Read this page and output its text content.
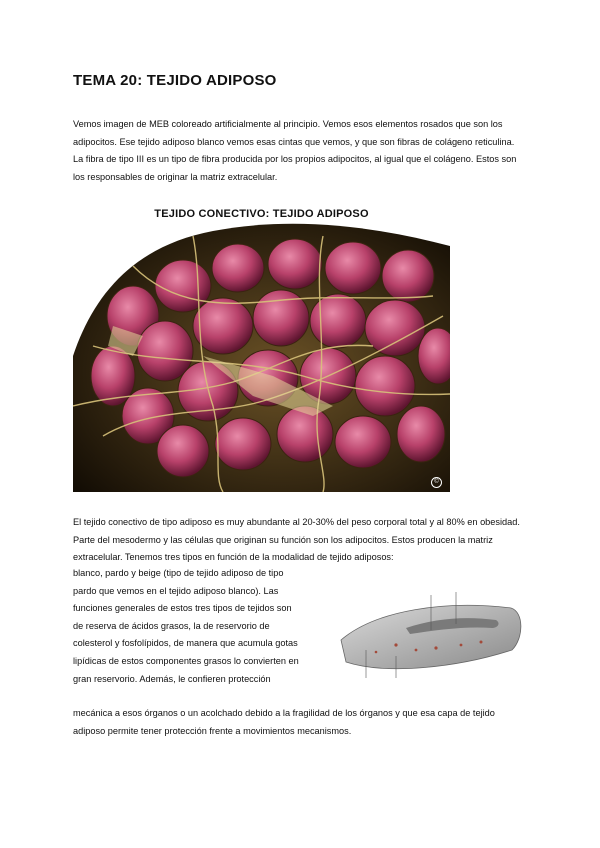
TEMA 20: TEJIDO ADIPOSO
Vemos imagen de MEB coloreado artificialmente al principio. Vemos esos elementos rosados que son los adipocitos. Ese tejido adiposo blanco vemos esas cintas que vemos, y que son fibras de colágeno reticulina. La fibra de tipo III es un tipo de fibra producida por los propios adipocitos, al igual que el colágeno. Estos son los responsables de originar la matriz extracelular.
TEJIDO CONECTIVO: TEJIDO ADIPOSO
©
El tejido conectivo de tipo adiposo es muy abundante al 20-30% del peso corporal total y al 80% en obesidad. Parte del mesodermo y las células que originan su función son los adipocitos. Estos producen la matriz extracelular. Tenemos tres tipos en función de la modalidad de tejido adiposos:
blanco, pardo y beige (tipo de tejido adiposo de tipo pardo que vemos en el tejido adiposo blanco). Las funciones generales de estos tres tipos de tejidos son de reserva de ácidos grasos, la de reservorio de colesterol y fosfolípidos, de manera que acumula gotas lipídicas de estos componentes grasos lo convierten en gran reservorio. Además, le confieren protección
mecánica a esos órganos o un acolchado debido a la fragilidad de los órganos y que esa capa de tejido adiposo permite tener protección frente a movimientos mecanismos.
